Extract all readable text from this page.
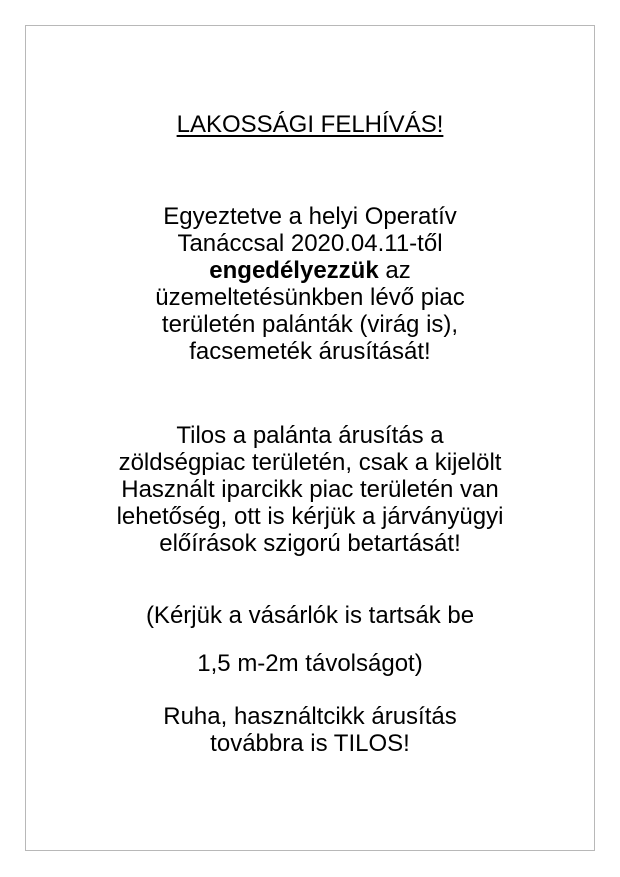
LAKOSSÁGI FELHÍVÁS!

Egyeztetve a helyi Operatív
Tanáccsal 2020.04.11-től
engedélyezzük az
üzemeltetésünkben lévő piac
területén palánták (virág is),
facsemeték árusítását!
Tilos a palánta árusítás a
zöldségpiac területén, csak a kijelölt
Használt iparcikk piac területén van
lehetőség, ott is kérjük a járványügyi
előírások szigorú betartását!

(Kérjük a vásárlók is tartsák be

1,5 m-2m távolságot)

Ruha, használtcikk árusítás
továbbra is TILOS!
